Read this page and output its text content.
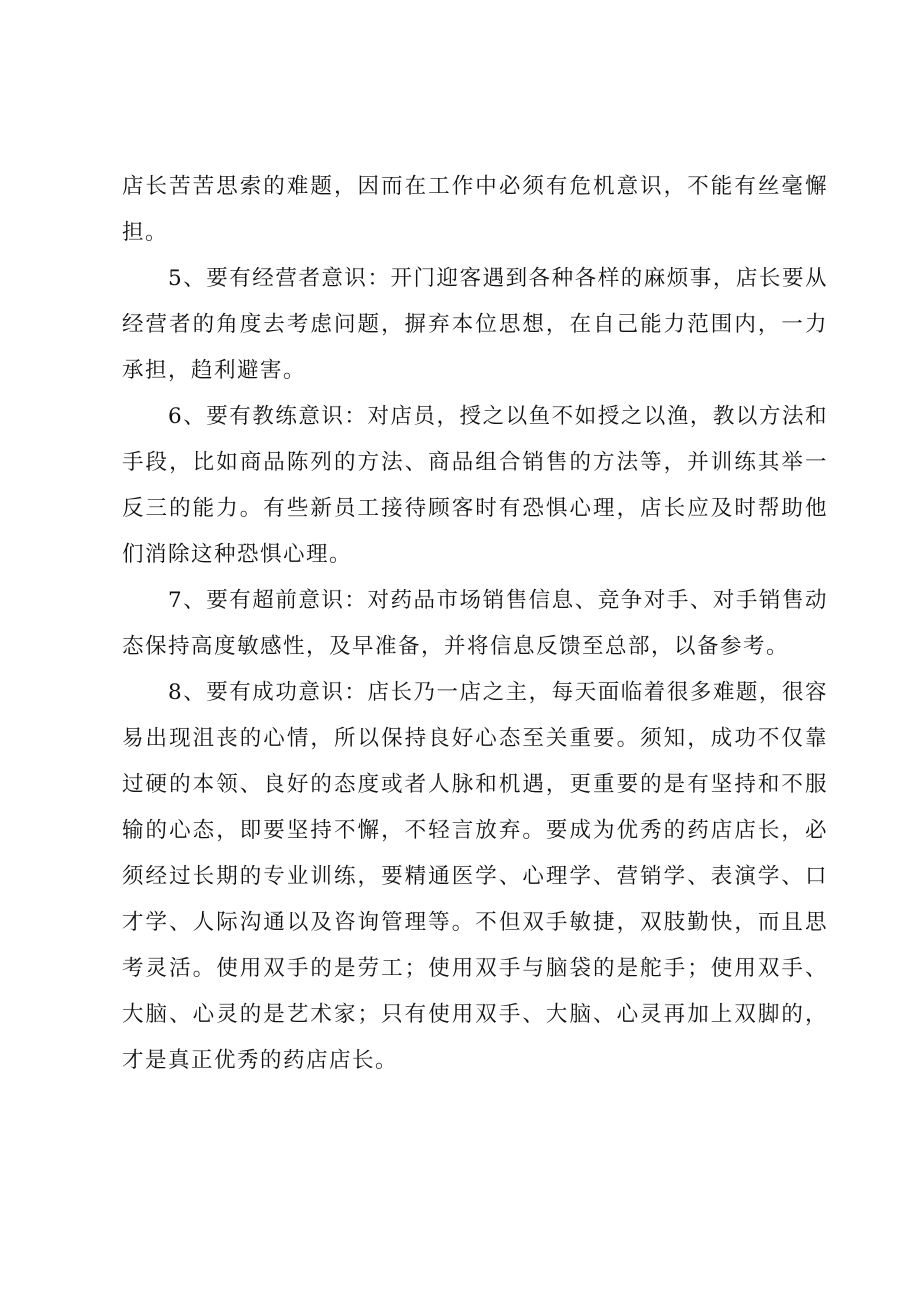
店长苦苦思索的难题，因而在工作中必须有危机意识，不能有丝毫懈担。

5、要有经营者意识：开门迎客遇到各种各样的麻烦事，店长要从经营者的角度去考虑问题，摒弃本位思想，在自己能力范围内，一力承担，趋利避害。

6、要有教练意识：对店员，授之以鱼不如授之以渔，教以方法和手段，比如商品陈列的方法、商品组合销售的方法等，并训练其举一反三的能力。有些新员工接待顾客时有恐惧心理，店长应及时帮助他们消除这种恐惧心理。

7、要有超前意识：对药品市场销售信息、竞争对手、对手销售动态保持高度敏感性，及早准备，并将信息反馈至总部，以备参考。

8、要有成功意识：店长乃一店之主，每天面临着很多难题，很容易出现沮丧的心情，所以保持良好心态至关重要。须知，成功不仅靠过硬的本领、良好的态度或者人脉和机遇，更重要的是有坚持和不服输的心态，即要坚持不懈，不轻言放弃。要成为优秀的药店店长，必须经过长期的专业训练，要精通医学、心理学、营销学、表演学、口才学、人际沟通以及咨询管理等。不但双手敏捷，双肢勤快，而且思考灵活。使用双手的是劳工；使用双手与脑袋的是舵手；使用双手、大脑、心灵的是艺术家；只有使用双手、大脑、心灵再加上双脚的，才是真正优秀的药店店长。
